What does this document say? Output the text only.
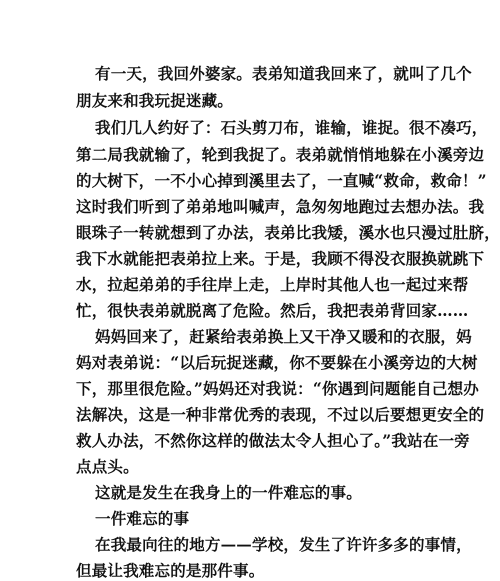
有一天，我回外婆家。表弟知道我回来了，就叫了几个
朋友来和我玩捉迷藏。
我们几人约好了：石头剪刀布，谁输，谁捉。很不凑巧，
第二局我就输了，轮到我捉了。表弟就悄悄地躲在小溪旁边
的大树下，一不小心掉到溪里去了，一直喊“救命，救命！”
这时我们听到了弟弟地叫喊声，急匆匆地跑过去想办法。我
眼珠子一转就想到了办法，表弟比我矮，溪水也只漫过肚脐，
我下水就能把表弟拉上来。于是，我顾不得没衣服换就跳下
水，拉起弟弟的手往岸上走，上岸时其他人也一起过来帮
忙，很快表弟就脱离了危险。然后，我把表弟背回家……
妈妈回来了，赶紧给表弟换上又干净又暖和的衣服，妈
妈对表弟说：“以后玩捉迷藏，你不要躲在小溪旁边的大树
下，那里很危险。”妈妈还对我说：“你遇到问题能自己想办
法解决，这是一种非常优秀的表现，不过以后要想更安全的
救人办法，不然你这样的做法太令人担心了。”我站在一旁
点点头。
这就是发生在我身上的一件难忘的事。
一件难忘的事
在我最向往的地方——学校，发生了许许多多的事情，
但最让我难忘的是那件事。
